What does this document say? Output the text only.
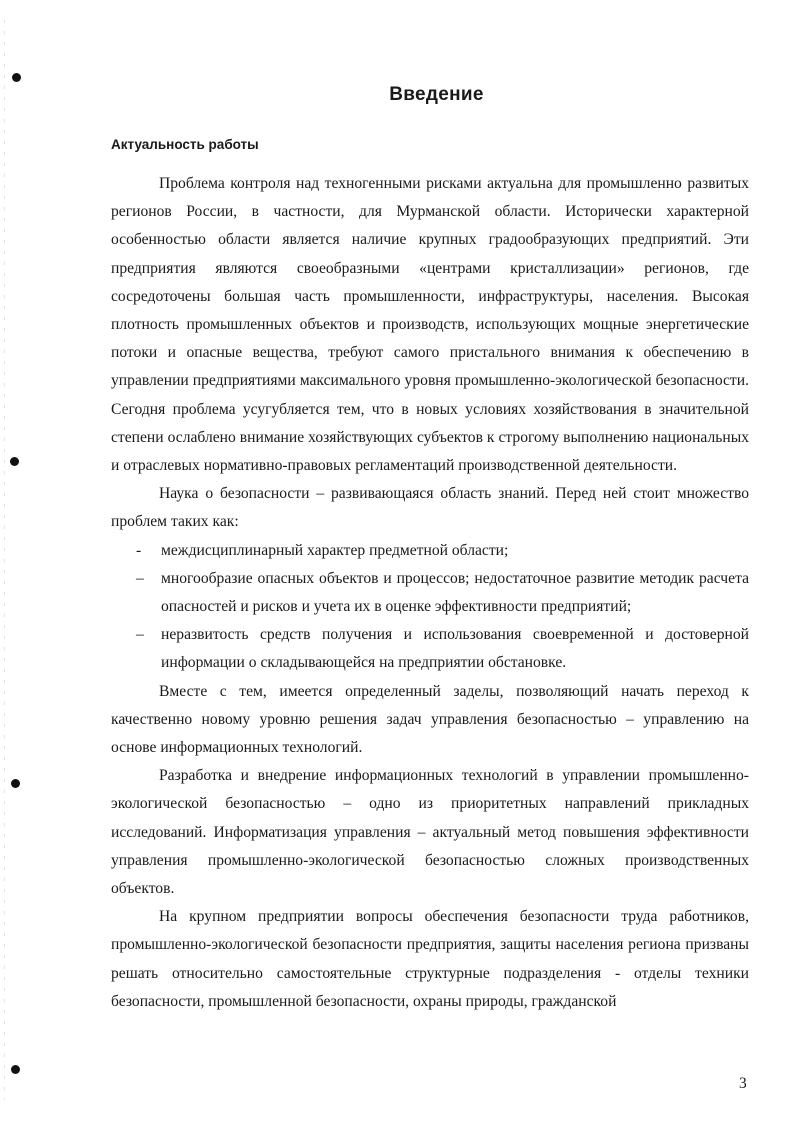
Введение
Актуальность работы

Проблема контроля над техногенными рисками актуальна для промышленно развитых регионов России, в частности, для Мурманской области. Исторически характерной особенностью области является наличие крупных градообразующих предприятий. Эти предприятия являются своеобразными «центрами кристаллизации» регионов, где сосредоточены большая часть промышленности, инфраструктуры, населения. Высокая плотность промышленных объектов и производств, использующих мощные энергетические потоки и опасные вещества, требуют самого пристального внимания к обеспечению в управлении предприятиями максимального уровня промышленно-экологической безопасности. Сегодня проблема усугубляется тем, что в новых условиях хозяйствования в значительной степени ослаблено внимание хозяйствующих субъектов к строгому выполнению национальных и отраслевых нормативно-правовых регламентаций производственной деятельности.

Наука о безопасности – развивающаяся область знаний. Перед ней стоит множество проблем таких как:

- междисциплинарный характер предметной области;
– многообразие опасных объектов и процессов; недостаточное развитие методик расчета опасностей и рисков и учета их в оценке эффективности предприятий;
– неразвитость средств получения и использования своевременной и достоверной информации о складывающейся на предприятии обстановке.

Вместе с тем, имеется определенный заделы, позволяющий начать переход к качественно новому уровню решения задач управления безопасностью – управлению на основе информационных технологий.

Разработка и внедрение информационных технологий в управлении промышленно-экологической безопасностью – одно из приоритетных направлений прикладных исследований. Информатизация управления – актуальный метод повышения эффективности управления промышленно-экологической безопасностью сложных производственных объектов.

На крупном предприятии вопросы обеспечения безопасности труда работников, промышленно-экологической безопасности предприятия, защиты населения региона призваны решать относительно самостоятельные структурные подразделения - отделы техники безопасности, промышленной безопасности, охраны природы, гражданской

3
